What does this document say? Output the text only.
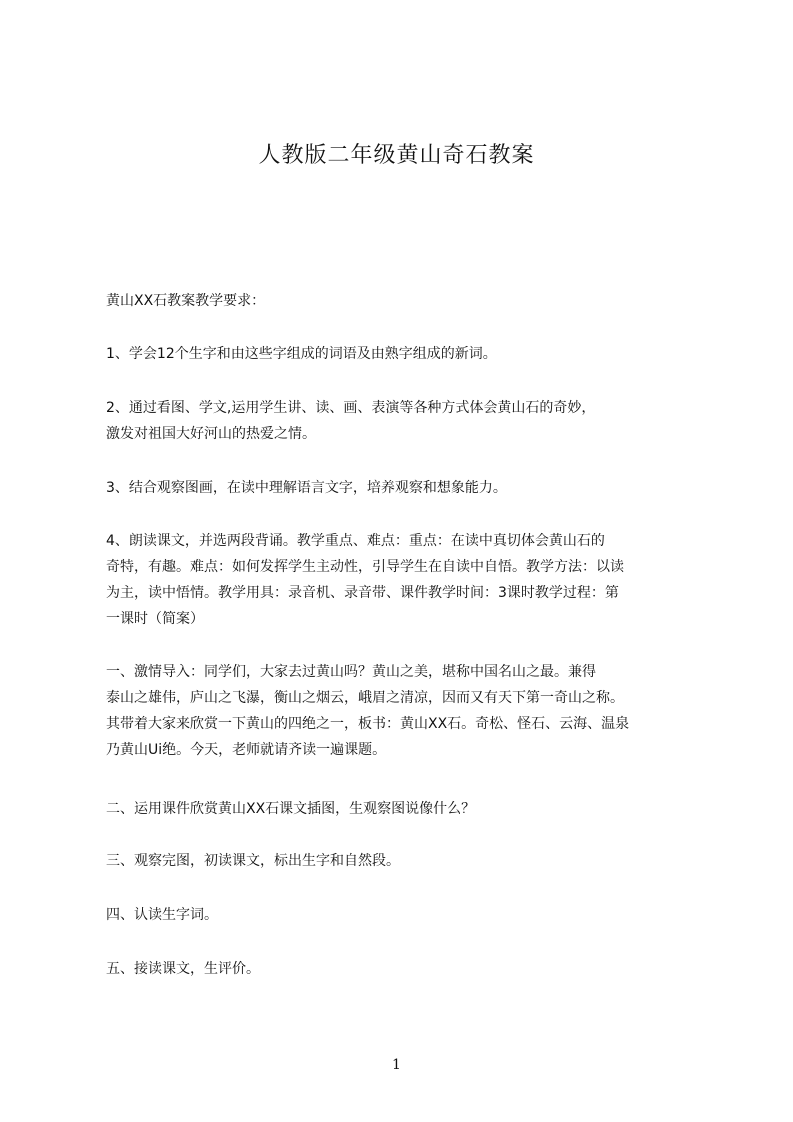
人教版二年级黄山奇石教案
黄山XX石教案教学要求：
1、学会12个生字和由这些字组成的词语及由熟字组成的新词。
2、通过看图、学文,运用学生讲、读、画、表演等各种方式体会黄山石的奇妙，
激发对祖国大好河山的热爱之情。
3、结合观察图画，在读中理解语言文字，培养观察和想象能力。
4、朗读课文，并选两段背诵。教学重点、难点：重点：在读中真切体会黄山石的
奇特，有趣。难点：如何发挥学生主动性，引导学生在自读中自悟。教学方法：以读
为主，读中悟情。教学用具：录音机、录音带、课件教学时间：3课时教学过程：第
一课时（简案）
一、激情导入：同学们，大家去过黄山吗？黄山之美，堪称中国名山之最。兼得
泰山之雄伟，庐山之飞瀑，衡山之烟云，峨眉之清凉，因而又有天下第一奇山之称。
其带着大家来欣赏一下黄山的四绝之一，板书：黄山XX石。奇松、怪石、云海、温泉
乃黄山Ui绝。今天，老师就请齐读一遍课题。
二、运用课件欣赏黄山XX石课文插图，生观察图说像什么？
三、观察完图，初读课文，标出生字和自然段。
四、认读生字词。
五、接读课文，生评价。
1
